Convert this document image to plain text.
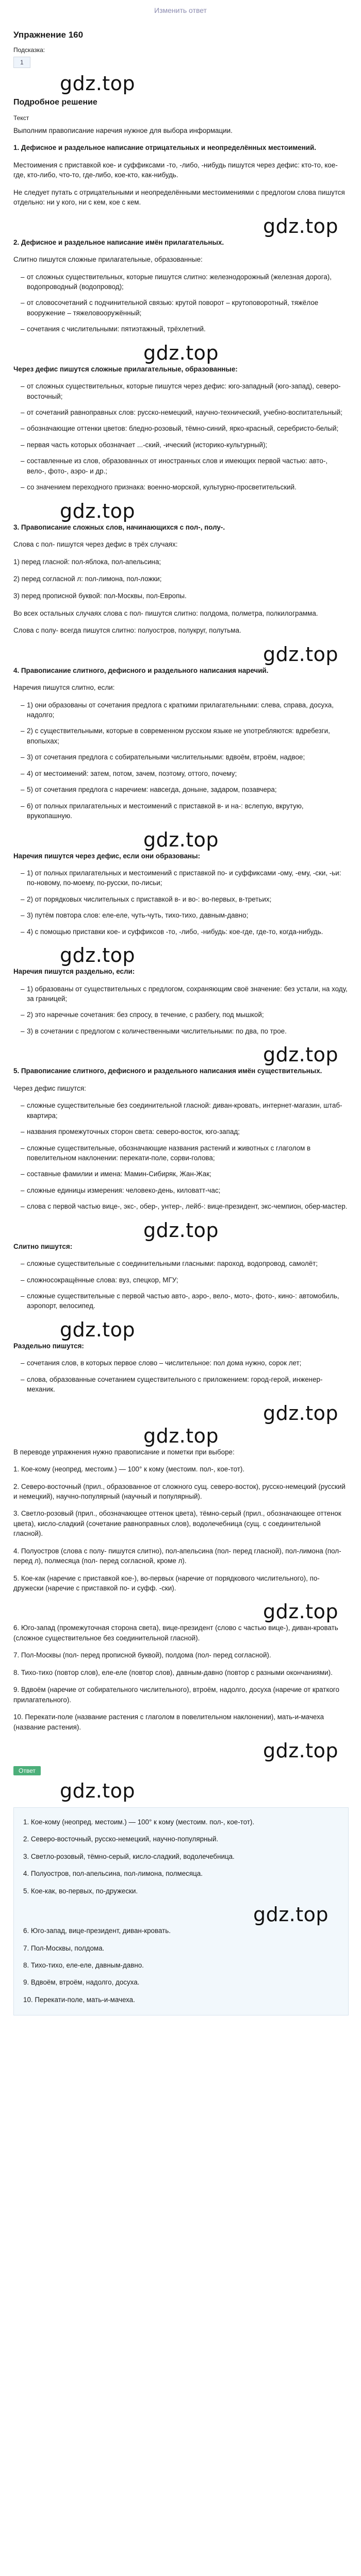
Изменить ответ
Упражнение 160
Подсказка:
1
gdz.top
Подробное решение
Текст

Выполним правописание наречия нужное для выбора информации.

1. Дефисное и раздельное написание отрицательных и неопределённых местоимений.

Местоимения с приставкой кое- и суффиксами -то, -либо, -нибудь пишутся через дефис: кто-то, кое-где, кто-либо, что-то, где-либо, кое-кто, как-нибудь.

Не следует путать с отрицательными и неопределёнными местоимениями с предлогом слова пишутся отдельно: ни у кого, ни с кем, кое с кем.

gdz.top

2. Дефисное и раздельное написание имён прилагательных.

Слитно пишутся сложные прилагательные, образованные:

– от сложных существительных, которые пишутся слитно: железнодорожный (железная дорога), водопроводный (водопровод);
– от словосочетаний с подчинительной связью: крутой поворот – крутоповоротный, тяжёлое вооружение – тяжеловооружённый;
– сочетания с числительными: пятиэтажный, трёхлетний.
gdz.top

Через дефис пишутся сложные прилагательные, образованные:

– от сложных существительных, которые пишутся через дефис: юго-западный (юго-запад), северо-восточный;
– от сочетаний равноправных слов: русско-немецкий, научно-технический, учебно-воспитательный;
– обозначающие оттенки цветов: бледно-розовый, тёмно-синий, ярко-красный, серебристо-белый;
– первая часть которых обозначает ...-ский, -ический (историко-культурный);
– составленные из слов, образованных от иностранных слов и имеющих первой частью: авто-, вело-, фото-, аэро- и др.;
– со значением переходного признака: военно-морской, культурно-просветительский.
gdz.top

3. Правописание сложных слов, начинающихся с пол-, полу-.

Слова с пол- пишутся через дефис в трёх случаях:

1) перед гласной: пол-яблока, пол-апельсина;

2) перед согласной л: пол-лимона, пол-ложки;

3) перед прописной буквой: пол-Москвы, пол-Европы.

Во всех остальных случаях слова с пол- пишутся слитно: полдома, полметра, полкилограмма.

Слова с полу- всегда пишутся слитно: полуостров, полукруг, полутьма.

gdz.top

4. Правописание слитного, дефисного и раздельного написания наречий.

Наречия пишутся слитно, если:

– 1) они образованы от сочетания предлога с краткими прилагательными: слева, справа, досуха, надолго;
– 2) с существительными, которые в современном русском языке не употребляются: вдребезги, впопыхах;
– 3) от сочетания предлога с собирательными числительными: вдвоём, втроём, надвое;
– 4) от местоимений: затем, потом, зачем, поэтому, оттого, почему;
– 5) от сочетания предлога с наречием: навсегда, доныне, задаром, позавчера;
– 6) от полных прилагательных и местоимений с приставкой в- и на-: вслепую, вкрутую, врукопашную.
gdz.top

Наречия пишутся через дефис, если они образованы:

– 1) от полных прилагательных и местоимений с приставкой по- и суффиксами -ому, -ему, -ски, -ьи: по-новому, по-моему, по-русски, по-лисьи;
– 2) от порядковых числительных с приставкой в- и во-: во-первых, в-третьих;
– 3) путём повтора слов: еле-еле, чуть-чуть, тихо-тихо, давным-давно;
– 4) с помощью приставки кое- и суффиксов -то, -либо, -нибудь: кое-где, где-то, когда-нибудь.
gdz.top

Наречия пишутся раздельно, если:

– 1) образованы от существительных с предлогом, сохраняющим своё значение: без устали, на ходу, за границей;
– 2) это наречные сочетания: без спросу, в течение, с разбегу, под мышкой;
– 3) в сочетании с предлогом с количественными числительными: по два, по трое.
gdz.top

5. Правописание слитного, дефисного и раздельного написания имён существительных.

Через дефис пишутся:

– сложные существительные без соединительной гласной: диван-кровать, интернет-магазин, штаб-квартира;
– названия промежуточных сторон света: северо-восток, юго-запад;
– сложные существительные, обозначающие названия растений и животных с глаголом в повелительном наклонении: перекати-поле, сорви-голова;
– составные фамилии и имена: Мамин-Сибиряк, Жан-Жак;
– сложные единицы измерения: человеко-день, киловатт-час;
– слова с первой частью вице-, экс-, обер-, унтер-, лейб-: вице-президент, экс-чемпион, обер-мастер.
gdz.top

Слитно пишутся:

– сложные существительные с соединительными гласными: пароход, водопровод, самолёт;
– сложносокращённые слова: вуз, спецкор, МГУ;
– сложные существительные с первой частью авто-, аэро-, вело-, мото-, фото-, кино-: автомобиль, аэропорт, велосипед.
gdz.top

Раздельно пишутся:

– сочетания слов, в которых первое слово – числительное: пол дома нужно, сорок лет;
– слова, образованные сочетанием существительного с приложением: город-герой, инженер-механик.
gdz.top
gdz.top

В переводе упражнения нужно правописание и пометки при выборе:

1. Кое-кому (неопред. местоим.) — 100° к кому (местоим. пол-, кое-тот).

2. Северо-восточный (прил., образованное от сложного сущ. северо-восток), русско-немецкий (русский и немецкий), научно-популярный (научный и популярный).

3. Светло-розовый (прил., обозначающее оттенок цвета), тёмно-серый (прил., обозначающее оттенок цвета), кисло-сладкий (сочетание равноправных слов), водолечебница (сущ. с соединительной гласной).

4. Полуостров (слова с полу- пишутся слитно), пол-апельсина (пол- перед гласной), пол-лимона (пол- перед л), полмесяца (пол- перед согласной, кроме л).

5. Кое-как (наречие с приставкой кое-), во-первых (наречие от порядкового числительного), по-дружески (наречие с приставкой по- и суфф. -ски).

gdz.top

6. Юго-запад (промежуточная сторона света), вице-президент (слово с частью вице-), диван-кровать (сложное существительное без соединительной гласной).

7. Пол-Москвы (пол- перед прописной буквой), полдома (пол- перед согласной).

8. Тихо-тихо (повтор слов), еле-еле (повтор слов), давным-давно (повтор с разными окончаниями).

9. Вдвоём (наречие от собирательного числительного), втроём, надолго, досуха (наречие от краткого прилагательного).

10. Перекати-поле (название растения с глаголом в повелительном наклонении), мать-и-мачеха (название растения).

gdz.top
Ответ
gdz.top

1. Кое-кому (неопред. местоим.) — 100° к кому (местоим. пол-, кое-тот).

2. Северо-восточный, русско-немецкий, научно-популярный.

3. Светло-розовый, тёмно-серый, кисло-сладкий, водолечебница.

4. Полуостров, пол-апельсина, пол-лимона, полмесяца.

5. Кое-как, во-первых, по-дружески.

gdz.top

6. Юго-запад, вице-президент, диван-кровать.

7. Пол-Москвы, полдома.

8. Тихо-тихо, еле-еле, давным-давно.

9. Вдвоём, втроём, надолго, досуха.

10. Перекати-поле, мать-и-мачеха.
